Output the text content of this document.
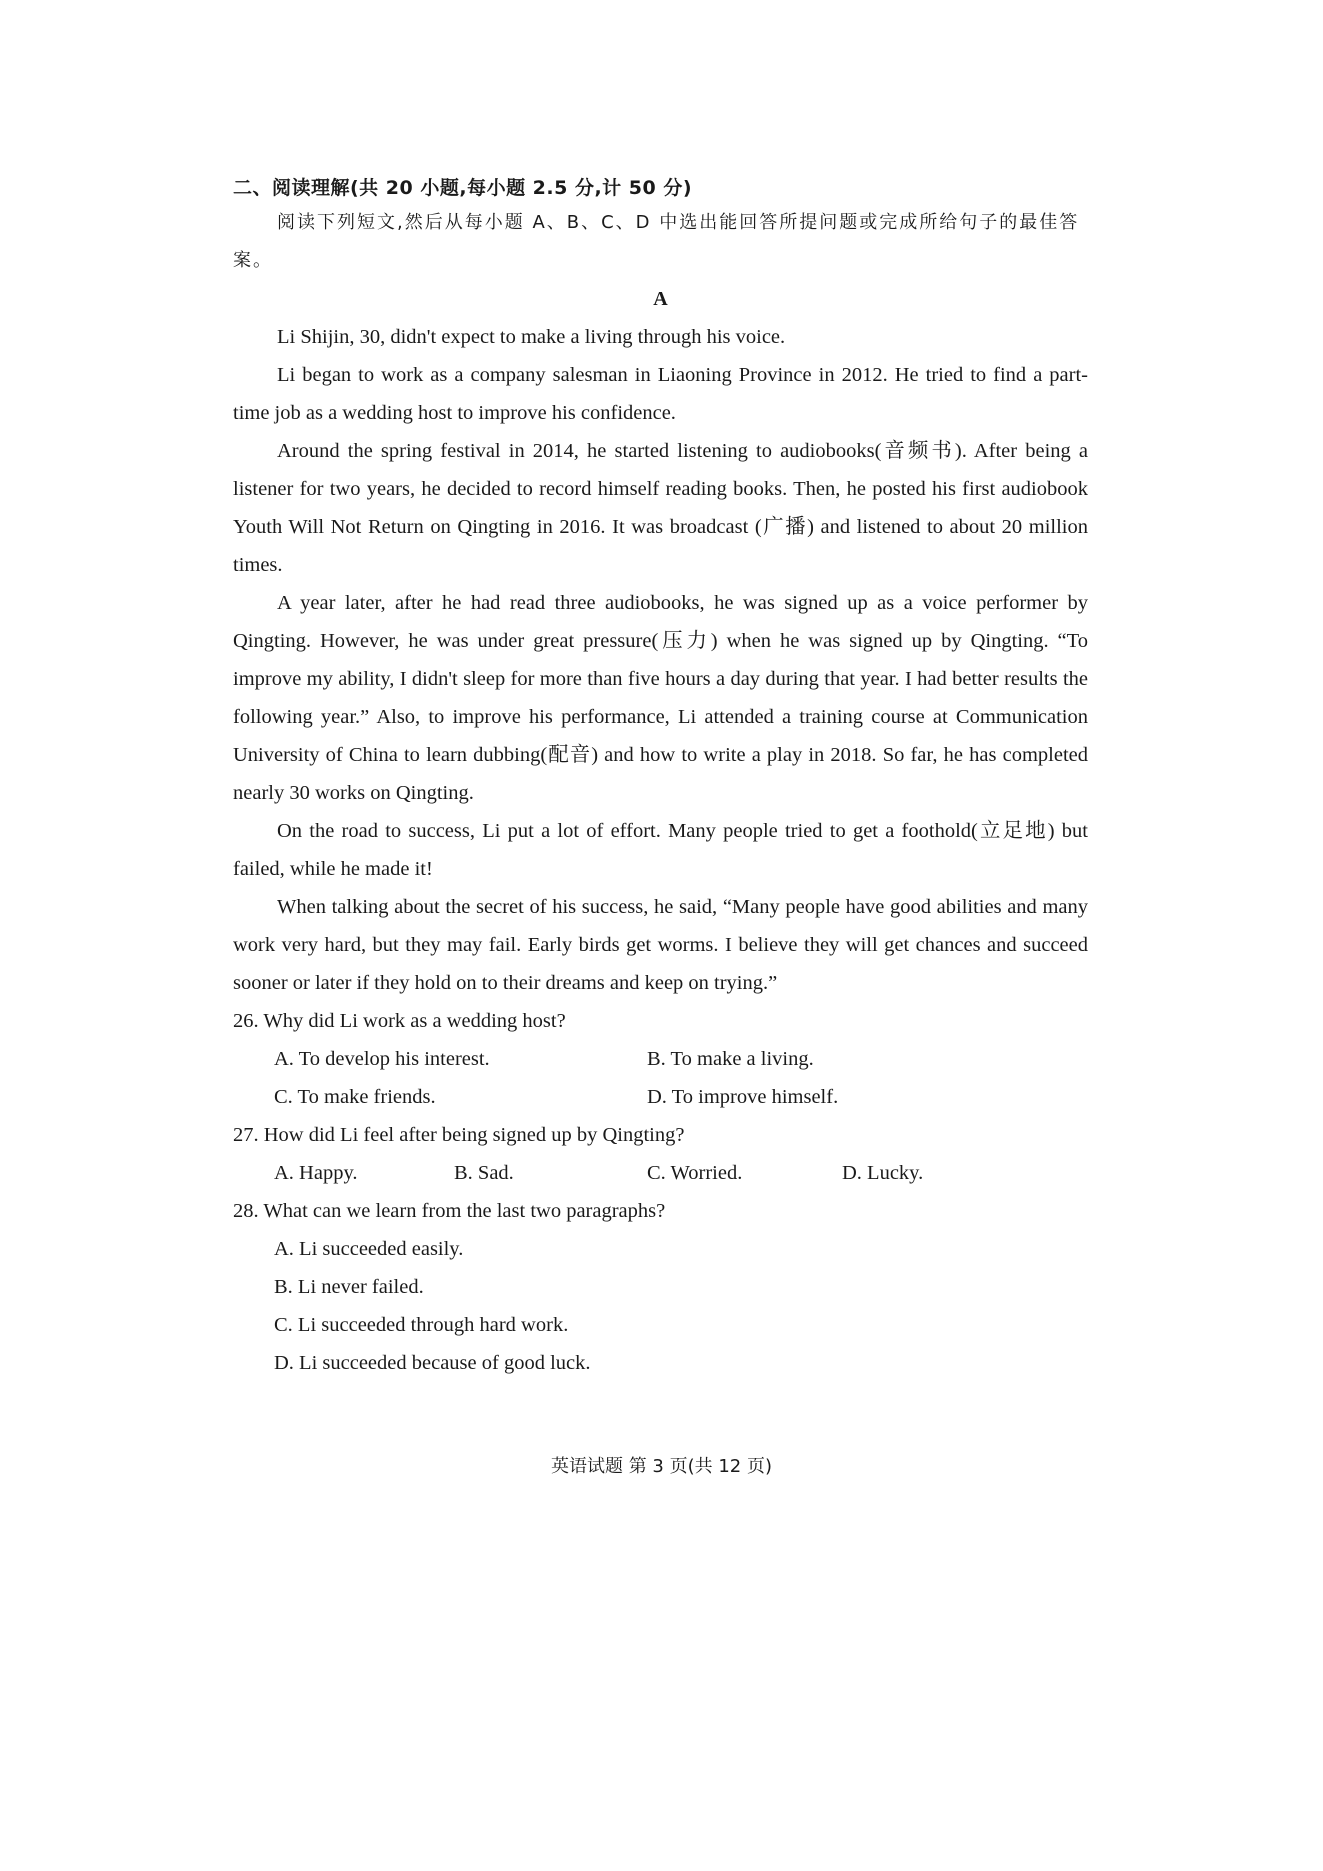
二、阅读理解(共 20 小题,每小题 2.5 分,计 50 分)

阅读下列短文,然后从每小题 A、B、C、D 中选出能回答所提问题或完成所给句子的最佳答案。

A

Li Shijin, 30, didn't expect to make a living through his voice.

Li began to work as a company salesman in Liaoning Province in 2012. He tried to find a part-time job as a wedding host to improve his confidence.

Around the spring festival in 2014, he started listening to audiobooks(音频书). After being a listener for two years, he decided to record himself reading books. Then, he posted his first audiobook Youth Will Not Return on Qingting in 2016. It was broadcast (广播) and listened to about 20 million times.

A year later, after he had read three audiobooks, he was signed up as a voice performer by Qingting. However, he was under great pressure(压力) when he was signed up by Qingting. “To improve my ability, I didn't sleep for more than five hours a day during that year. I had better results the following year.” Also, to improve his performance, Li attended a training course at Communication University of China to learn dubbing(配音) and how to write a play in 2018. So far, he has completed nearly 30 works on Qingting.

On the road to success, Li put a lot of effort. Many people tried to get a foothold(立足地) but failed, while he made it!

When talking about the secret of his success, he said, “Many people have good abilities and many work very hard, but they may fail. Early birds get worms. I believe they will get chances and succeed sooner or later if they hold on to their dreams and keep on trying.”

26. Why did Li work as a wedding host?

A. To develop his interest.	B. To make a living.
C. To make friends.	D. To improve himself.

27. How did Li feel after being signed up by Qingting?

A. Happy.	B. Sad.	C. Worried.	D. Lucky.

28. What can we learn from the last two paragraphs?

A. Li succeeded easily.
B. Li never failed.
C. Li succeeded through hard work.
D. Li succeeded because of good luck.
英语试题 第 3 页(共 12 页)
